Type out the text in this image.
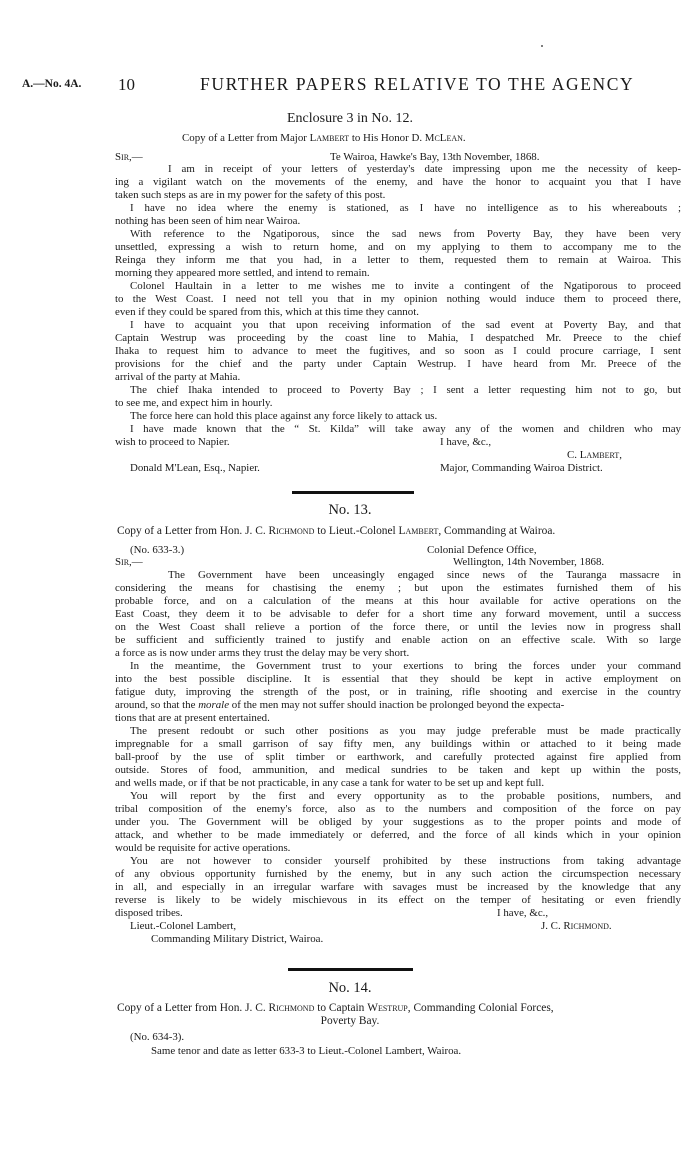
A.—No. 4A. 10	FURTHER PAPERS RELATIVE TO THE AGENCY
Enclosure 3 in No. 12.
Copy of a Letter from Major Lambert to His Honor D. McLean.
Sir,—	Te Wairoa, Hawke's Bay, 13th November, 1868.
I am in receipt of your letters of yesterday's date impressing upon me the necessity of keep-
ing a vigilant watch on the movements of the enemy, and have the honor to acquaint you that I have
taken such steps as are in my power for the safety of this post.
I have no idea where the enemy is stationed, as I have no intelligence as to his whereabouts ;
nothing has been seen of him near Wairoa.
With reference to the Ngatiporous, since the sad news from Poverty Bay, they have been very
unsettled, expressing a wish to return home, and on my applying to them to accompany me to the
Reinga they inform me that you had, in a letter to them, requested them to remain at Wairoa. This
morning they appeared more settled, and intend to remain.
Colonel Haultain in a letter to me wishes me to invite a contingent of the Ngatiporous to proceed
to the West Coast. I need not tell you that in my opinion nothing would induce them to proceed there,
even if they could be spared from this, which at this time they cannot.
I have to acquaint you that upon receiving information of the sad event at Poverty Bay, and that
Captain Westrup was proceeding by the coast line to Mahia, I despatched Mr. Preece to the chief
Ihaka to request him to advance to meet the fugitives, and so soon as I could procure carriage, I sent
provisions for the chief and the party under Captain Westrup. I have heard from Mr. Preece of the
arrival of the party at Mahia.
The chief Ihaka intended to proceed to Poverty Bay ; I sent a letter requesting him not to go, but
to see me, and expect him in hourly.
The force here can hold this place against any force likely to attack us.
I have made known that the “ St. Kilda” will take away any of the women and children who may
wish to proceed to Napier.	I have, &c.,
C. Lambert,
Donald M'Lean, Esq., Napier.	Major, Commanding Wairoa District.
No. 13.
Copy of a Letter from Hon. J. C. Richmond to Lieut.-Colonel Lambert, Commanding at Wairoa.
(No. 633-3.)	Colonial Defence Office,
Sir,—	Wellington, 14th November, 1868.
The Government have been unceasingly engaged since news of the Tauranga massacre in
considering the means for chastising the enemy ; but upon the estimates furnished them of his
probable force, and on a calculation of the means at this hour available for active operations on the
East Coast, they deem it to be advisable to defer for a short time any forward movement, until a success
on the West Coast shall relieve a portion of the force there, or until the levies now in progress shall
be sufficient and sufficiently trained to justify and enable action on an effective scale. With so large
a force as is now under arms they trust the delay may be very short.
In the meantime, the Government trust to your exertions to bring the forces under your command
into the best possible discipline. It is essential that they should be kept in active employment on
fatigue duty, improving the strength of the post, or in training, rifle shooting and exercise in the country
around, so that the morale of the men may not suffer should inaction be prolonged beyond the expecta-
tions that are at present entertained.
The present redoubt or such other positions as you may judge preferable must be made practically
impregnable for a small garrison of say fifty men, any buildings within or attached to it being made
ball-proof by the use of split timber or earthwork, and carefully protected against fire applied from
outside. Stores of food, ammunition, and medical sundries to be taken and kept up within the posts,
and wells made, or if that be not practicable, in any case a tank for water to be set up and kept full.
You will report by the first and every opportunity as to the probable positions, numbers, and
tribal composition of the enemy's force, also as to the numbers and composition of the force on pay
under you. The Government will be obliged by your suggestions as to the proper points and mode of
attack, and whether to be made immediately or deferred, and the force of all kinds which in your opinion
would be requisite for active operations.
You are not however to consider yourself prohibited by these instructions from taking advantage
of any obvious opportunity furnished by the enemy, but in any such action the circumspection necessary
in all, and especially in an irregular warfare with savages must be increased by the knowledge that any
reverse is likely to be widely mischievous in its effect on the temper of hesitating or even friendly
disposed tribes.	I have, &c.,
Lieut.-Colonel Lambert,	J. C. Richmond.
Commanding Military District, Wairoa.
No. 14.
Copy of a Letter from Hon. J. C. Richmond to Captain Westrup, Commanding Colonial Forces,
Poverty Bay.
(No. 634-3).
Same tenor and date as letter 633-3 to Lieut.-Colonel Lambert, Wairoa.
